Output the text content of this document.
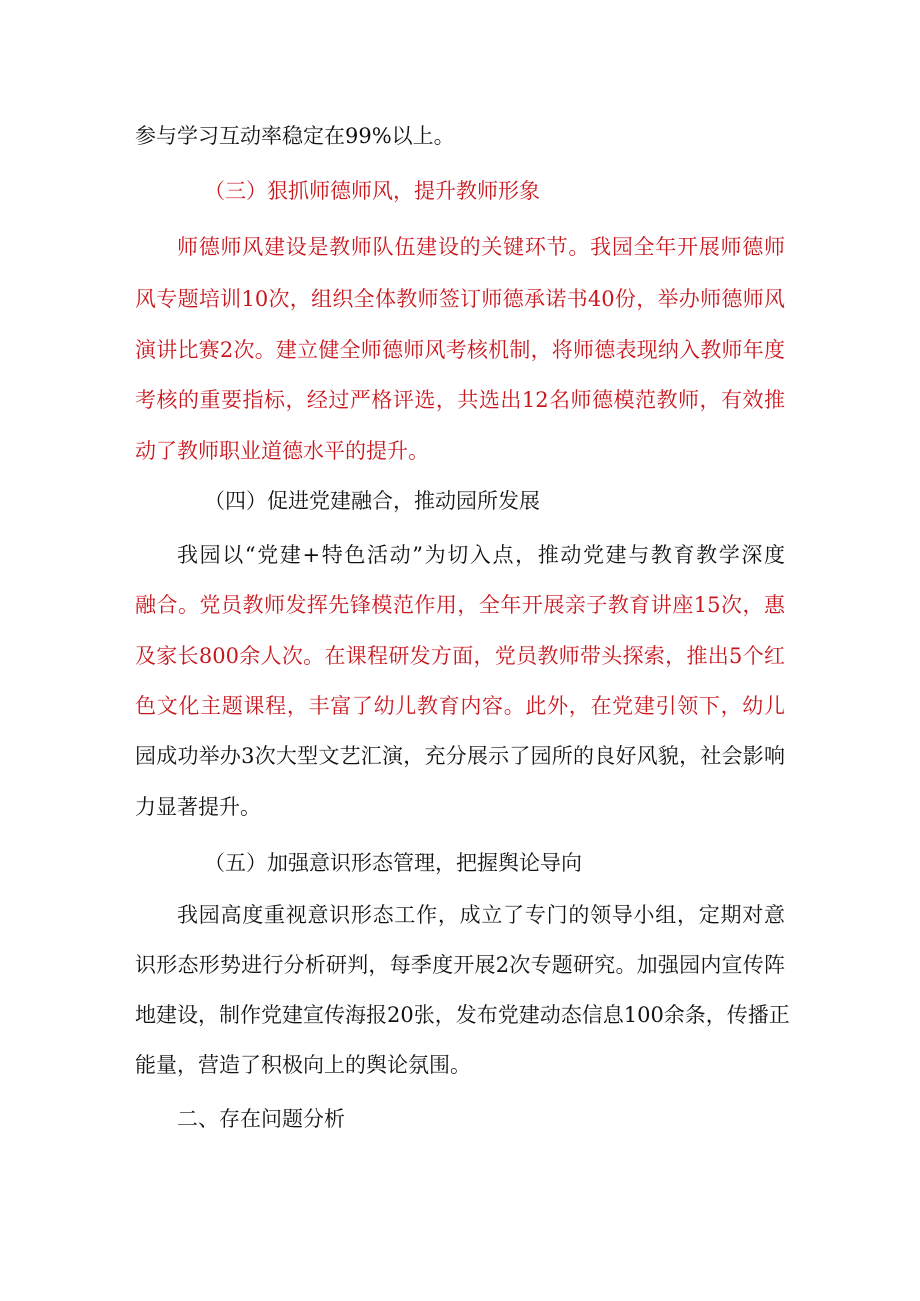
参与学习互动率稳定在99%以上。
（三）狠抓师德师风，提升教师形象
师德师风建设是教师队伍建设的关键环节。我园全年开展师德师
风专题培训10次，组织全体教师签订师德承诺书40份，举办师德师风
演讲比赛2次。建立健全师德师风考核机制，将师德表现纳入教师年度
考核的重要指标，经过严格评选，共选出12名师德模范教师，有效推
动了教师职业道德水平的提升。
（四）促进党建融合，推动园所发展
我园以“党建+特色活动”为切入点，推动党建与教育教学深度
融合。党员教师发挥先锋模范作用，全年开展亲子教育讲座15次，惠
及家长800余人次。在课程研发方面，党员教师带头探索，推出5个红
色文化主题课程，丰富了幼儿教育内容。此外，在党建引领下，幼儿
园成功举办3次大型文艺汇演，充分展示了园所的良好风貌，社会影响
力显著提升。
（五）加强意识形态管理，把握舆论导向
我园高度重视意识形态工作，成立了专门的领导小组，定期对意
识形态形势进行分析研判，每季度开展2次专题研究。加强园内宣传阵
地建设，制作党建宣传海报20张，发布党建动态信息100余条，传播正
能量，营造了积极向上的舆论氛围。
二、存在问题分析
